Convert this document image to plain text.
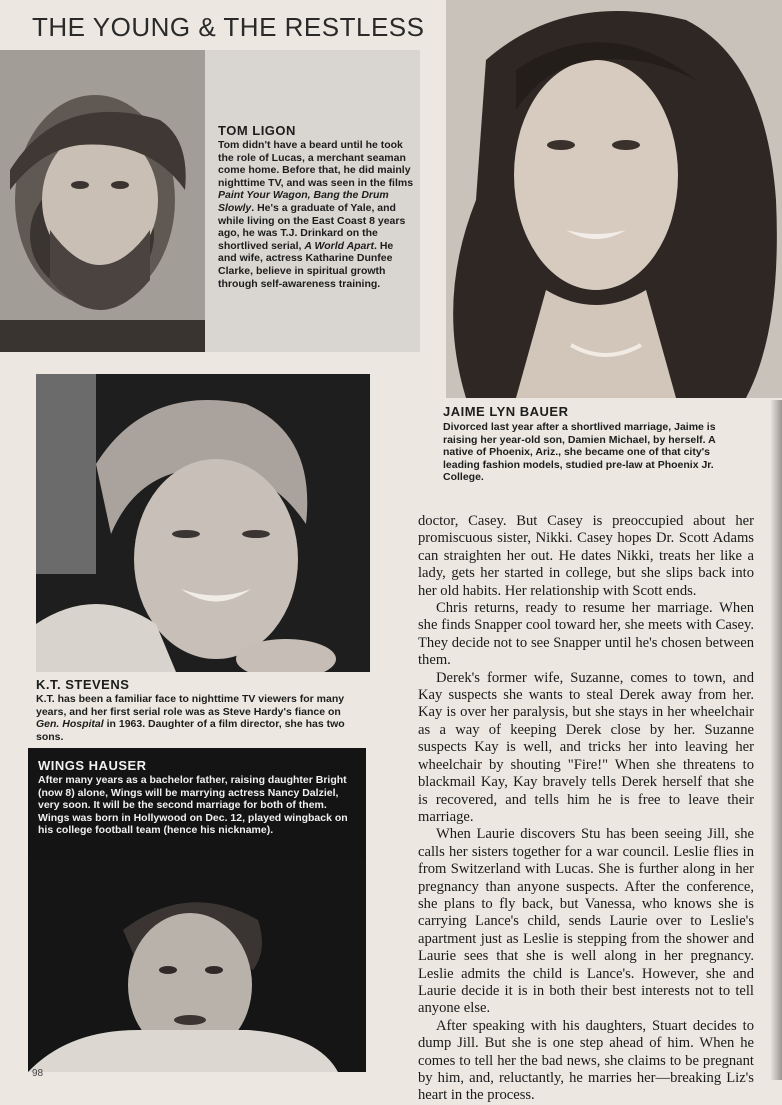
THE YOUNG & THE RESTLESS
TOM LIGON
Tom didn't have a beard until he took the role of Lucas, a merchant seaman come home. Before that, he did mainly nighttime TV, and was seen in the films Paint Your Wagon, Bang the Drum Slowly. He's a graduate of Yale, and while living on the East Coast 8 years ago, he was T.J. Drinkard on the shortlived serial, A World Apart. He and wife, actress Katharine Dunfee Clarke, believe in spiritual growth through self-awareness training.
JAIME LYN BAUER
Divorced last year after a shortlived marriage, Jaime is raising her year-old son, Damien Michael, by herself. A native of Phoenix, Ariz., she became one of that city's leading fashion models, studied pre-law at Phoenix Jr. College.
K.T. STEVENS
K.T. has been a familiar face to nighttime TV viewers for many years, and her first serial role was as Steve Hardy's fiance on Gen. Hospital in 1963. Daughter of a film director, she has two sons.
WINGS HAUSER
After many years as a bachelor father, raising daughter Bright (now 8) alone, Wings will be marrying actress Nancy Dalziel, very soon. It will be the second marriage for both of them. Wings was born in Hollywood on Dec. 12, played wingback on his college football team (hence his nickname).

doctor, Casey. But Casey is preoccupied about her promiscuous sister, Nikki. Casey hopes Dr. Scott Adams can straighten her out. He dates Nikki, treats her like a lady, gets her started in college, but she slips back into her old habits. Her relationship with Scott ends.

Chris returns, ready to resume her marriage. When she finds Snapper cool toward her, she meets with Casey. They decide not to see Snapper until he's chosen between them.

Derek's former wife, Suzanne, comes to town, and Kay suspects she wants to steal Derek away from her. Kay is over her paralysis, but she stays in her wheelchair as a way of keeping Derek close by her. Suzanne suspects Kay is well, and tricks her into leaving her wheelchair by shouting "Fire!" When she threatens to blackmail Kay, Kay bravely tells Derek herself that she is recovered, and tells him he is free to leave their marriage.

When Laurie discovers Stu has been seeing Jill, she calls her sisters together for a war council. Leslie flies in from Switzerland with Lucas. She is further along in her pregnancy than anyone suspects. After the conference, she plans to fly back, but Vanessa, who knows she is carrying Lance's child, sends Laurie over to Leslie's apartment just as Leslie is stepping from the shower and Laurie sees that she is well along in her pregnancy. Leslie admits the child is Lance's. However, she and Laurie decide it is in both their best interests not to tell anyone else.

After speaking with his daughters, Stuart decides to dump Jill. But she is one step ahead of him. When he comes to tell her the bad news, she claims to be pregnant by him, and, reluctantly, he marries her—breaking Liz's heart in the process.

98
